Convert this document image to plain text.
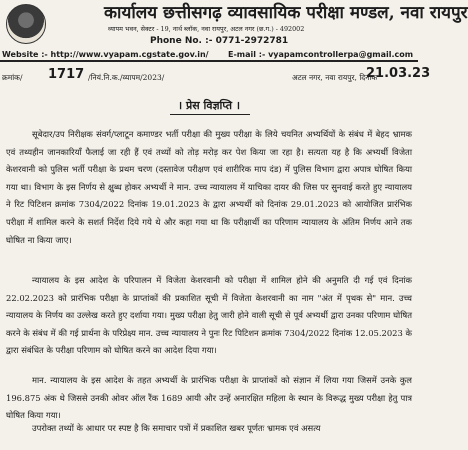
कार्यालय छत्तीसगढ़ व्यावसायिक परीक्षा मण्डल, नवा रायपुर
व्यापम भवन, सेक्टर - 19, नार्थ ब्लॉक, नवा रायपुर, अटल नगर (छ.ग.) - 492002
Phone No. :- 0771-2972781
Website :- http://www.vyapam.cgstate.gov.in/ E-mail :- vyapamcontrollerpa@gmail.com
क्रमांक/ 1717 /नियं.नि.क./व्यापम/2023/	अटल नगर, नवा रायपुर, दिनांक
21.03.23
। प्रेस विज्ञप्ति ।
सूबेदार/उप निरीक्षक संवर्ग/प्लाटून कमाण्डर भर्ती परीक्षा की मुख्य परीक्षा के लिये चयनित अभ्यर्थियों के संबंध में बेहद भ्रामक एवं तथ्यहीन जानकारियाँ फैलाई जा रही हैं एवं तथ्यों को तोड़ मरोड़ कर पेश किया जा रहा है। सत्यता यह है कि अभ्यर्थी विजेता केशरवानी को पुलिस भर्ती परीक्षा के प्रथम चरण (दस्तावेज परीक्षण एवं शारीरिक माप दंड) में पुलिस विभाग द्वारा अपात्र घोषित किया गया था। विभाग के इस निर्णय से क्षुब्ध होकर अभ्यर्थी ने मान. उच्च न्यायालय में याचिका दायर की जिस पर सुनवाई करते हुए न्यायालय ने रिट पिटिशन क्रमांक 7304/2022 दिनांक 19.01.2023 के द्वारा अभ्यर्थी को दिनांक 29.01.2023 को आयोजित प्रारंभिक परीक्षा में शामिल करने के सशर्त निर्देश दिये गये थे और कहा गया था कि परीक्षार्थी का परिणाम न्यायालय के अंतिम निर्णय आने तक घोषित ना किया जाए।
न्यायालय के इस आदेश के परिपालन में विजेता केशरवानी को परीक्षा में शामिल होने की अनुमति दी गई एवं दिनांक 22.02.2023 को प्रारंभिक परीक्षा के प्राप्तांकों की प्रकाशित सूची में विजेता केशरवानी का नाम "अंत में पृथक से" मान. उच्च न्यायालय के निर्णय का उल्लेख करते हुए दर्शाया गया। मुख्य परीक्षा हेतु जारी होने वाली सूची से पूर्व अभ्यर्थी द्वारा उनका परिणाम घोषित करने के संबंध में की गई प्रार्थना के परिप्रेक्ष्य मान. उच्च न्यायालय ने पुनः रिट पिटिशन क्रमांक 7304/2022 दिनांक 12.05.2023 के द्वारा संबंधित के परीक्षा परिणाम को घोषित करने का आदेश दिया गया।
मान. न्यायालय के इस आदेश के तहत अभ्यर्थी के प्रारंभिक परीक्षा के प्राप्तांकों को संज्ञान में लिया गया जिसमें उनके कुल 196.875 अंक थे जिससे उनकी ओवर ऑल रैंक 1689 आयी और उन्हें अनारक्षित महिला के स्थान के विरूद्ध मुख्य परीक्षा हेतु पात्र घोषित किया गया।
उपरोक्त तथ्यों के आधार पर स्पष्ट है कि समाचार पत्रों में प्रकाशित खबर पूर्णतः भ्रामक एवं असत्य
